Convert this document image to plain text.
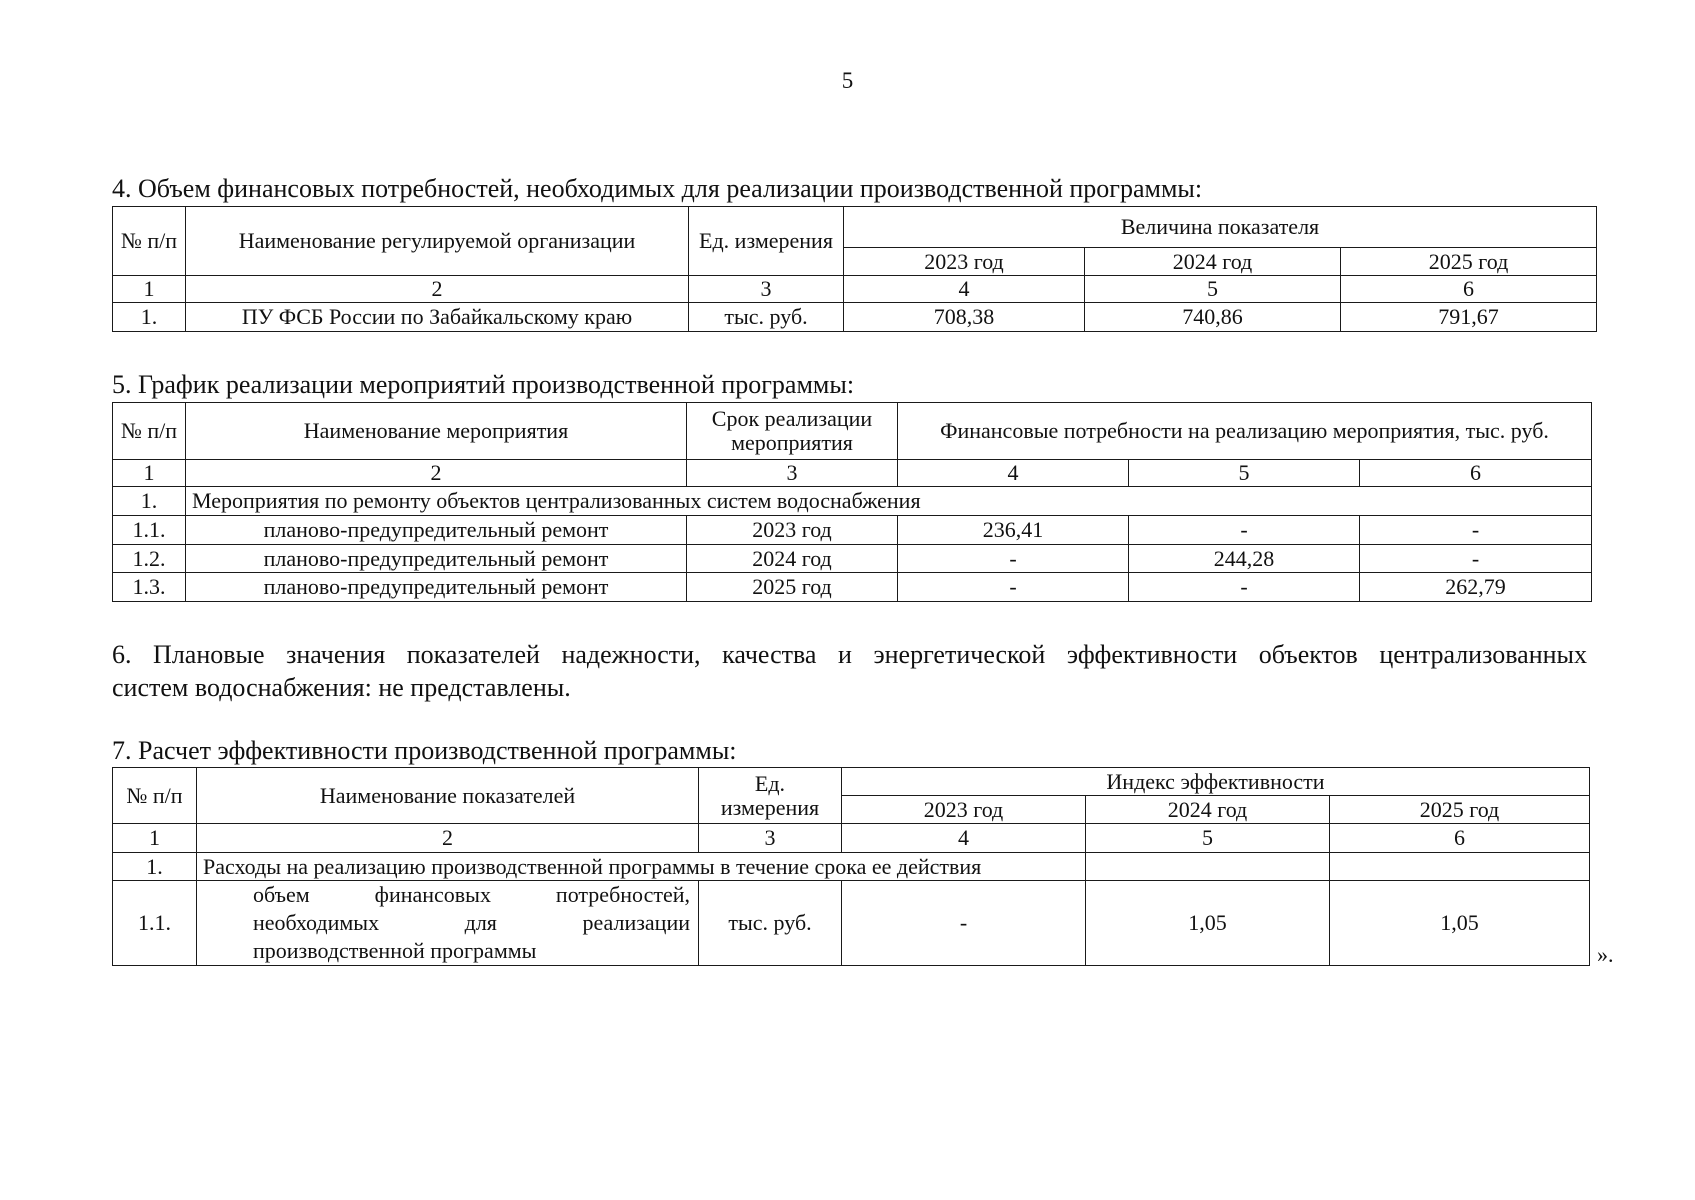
5
4. Объем финансовых потребностей, необходимых для реализации производственной программы:
№ п/п	Наименование регулируемой организации	Ед. измерения	Величина показателя		
			2023 год	2024 год	2025 год
1	2	3	4	5	6
1.	ПУ ФСБ России по Забайкальскому краю	тыс. руб.	708,38	740,86	791,67
5. График реализации мероприятий производственной программы:
№ п/п	Наименование мероприятия	Срок реализации мероприятия	Финансовые потребности на реализацию мероприятия, тыс. руб.		
1	2	3	4	5	6
1.	Мероприятия по ремонту объектов централизованных систем водоснабжения				
1.1.	планово-предупредительный ремонт	2023 год	236,41	-	-
1.2.	планово-предупредительный ремонт	2024 год	-	244,28	-
1.3.	планово-предупредительный ремонт	2025 год	-	-	262,79
6. Плановые значения показателей надежности, качества и энергетической эффективности объектов централизованных
систем водоснабжения: не представлены.
7. Расчет эффективности производственной программы:
№ п/п	Наименование показателей	Ед. измерения	Индекс эффективности		
			2023 год	2024 год	2025 год
1	2	3	4	5	6
1.	Расходы на реализацию производственной программы в течение срока ее действия				
1.1.	объем финансовых потребностей, необходимых для реализации производственной программы	тыс. руб.	-	1,05	1,05
».
